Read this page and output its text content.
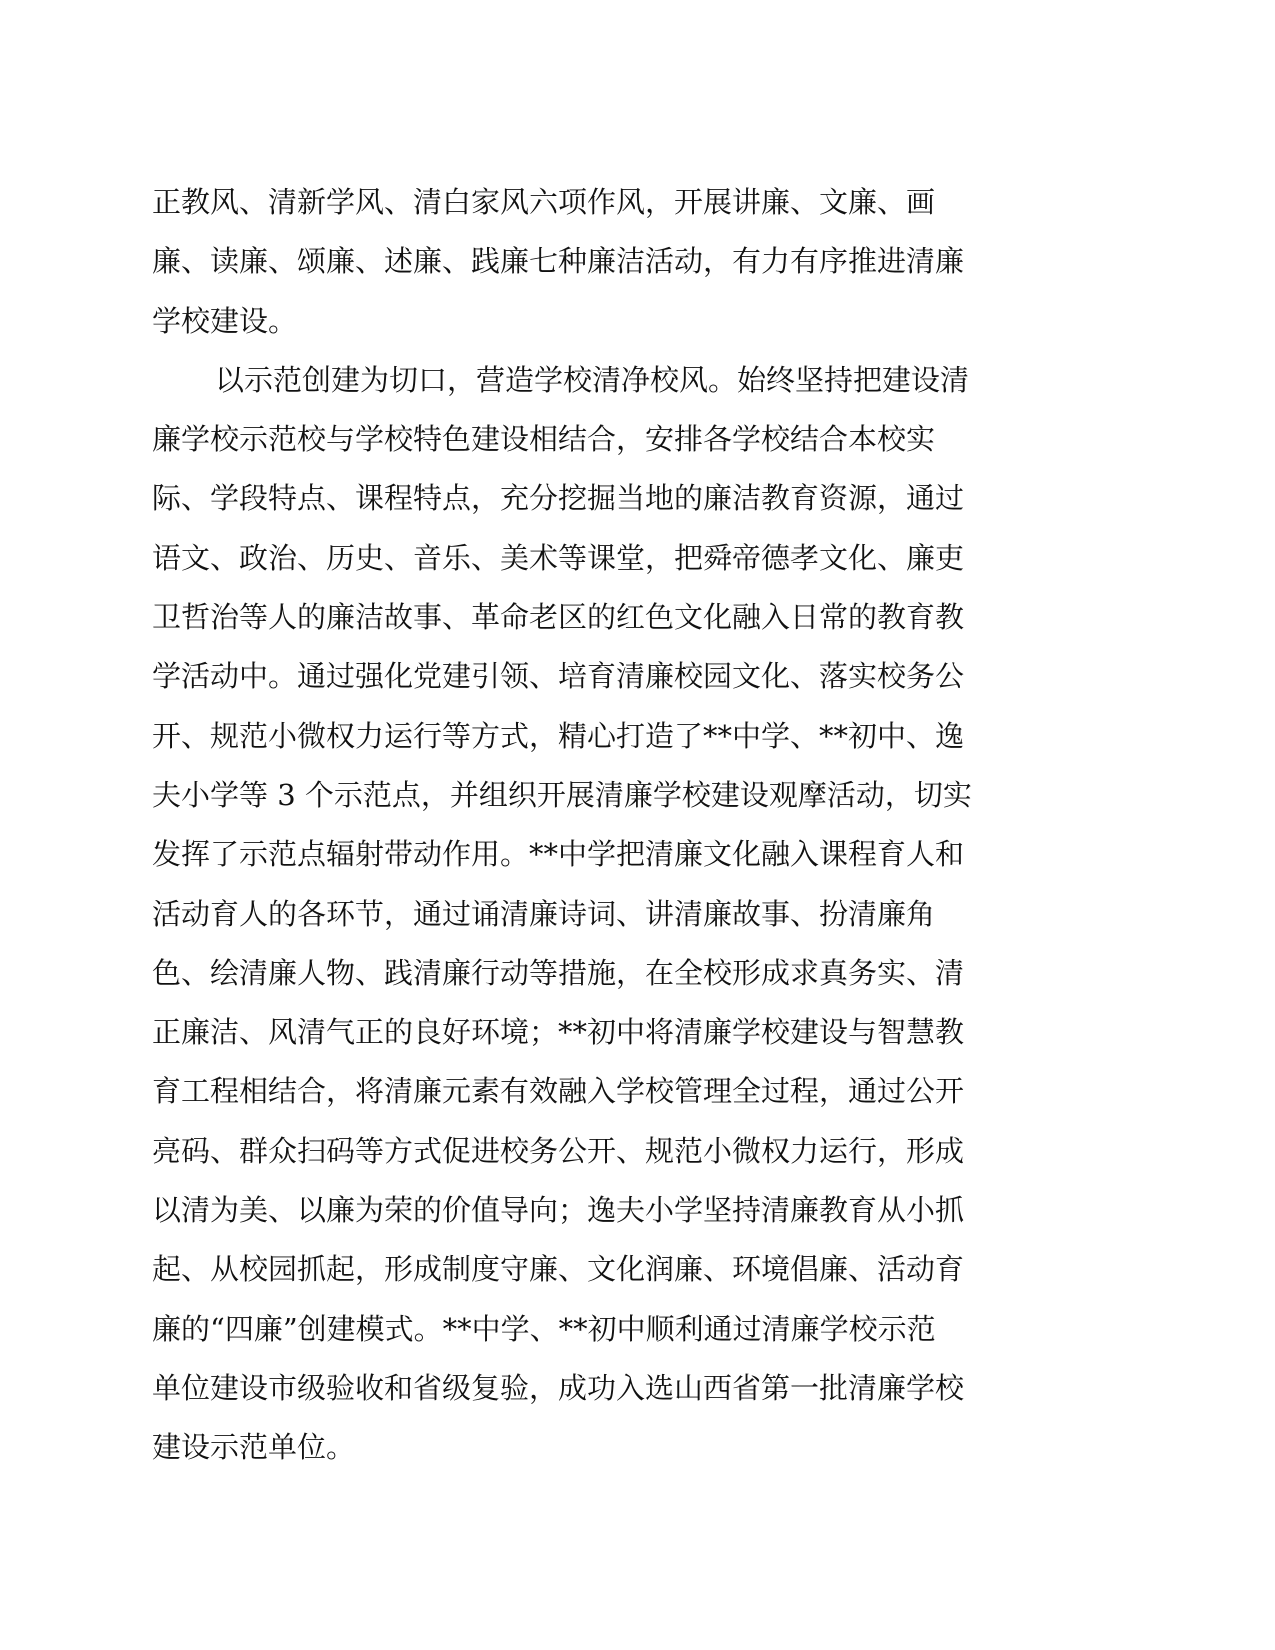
正教风、清新学风、清白家风六项作风，开展讲廉、文廉、画
廉、读廉、颂廉、述廉、践廉七种廉洁活动，有力有序推进清廉
学校建设。
以示范创建为切口，营造学校清净校风。始终坚持把建设清
廉学校示范校与学校特色建设相结合，安排各学校结合本校实
际、学段特点、课程特点，充分挖掘当地的廉洁教育资源，通过
语文、政治、历史、音乐、美术等课堂，把舜帝德孝文化、廉吏
卫哲治等人的廉洁故事、革命老区的红色文化融入日常的教育教
学活动中。通过强化党建引领、培育清廉校园文化、落实校务公
开、规范小微权力运行等方式，精心打造了**中学、**初中、逸
夫小学等 3 个示范点，并组织开展清廉学校建设观摩活动，切实
发挥了示范点辐射带动作用。**中学把清廉文化融入课程育人和
活动育人的各环节，通过诵清廉诗词、讲清廉故事、扮清廉角
色、绘清廉人物、践清廉行动等措施，在全校形成求真务实、清
正廉洁、风清气正的良好环境；**初中将清廉学校建设与智慧教
育工程相结合，将清廉元素有效融入学校管理全过程，通过公开
亮码、群众扫码等方式促进校务公开、规范小微权力运行，形成
以清为美、以廉为荣的价值导向；逸夫小学坚持清廉教育从小抓
起、从校园抓起，形成制度守廉、文化润廉、环境倡廉、活动育
廉的“四廉”创建模式。**中学、**初中顺利通过清廉学校示范
单位建设市级验收和省级复验，成功入选山西省第一批清廉学校
建设示范单位。
